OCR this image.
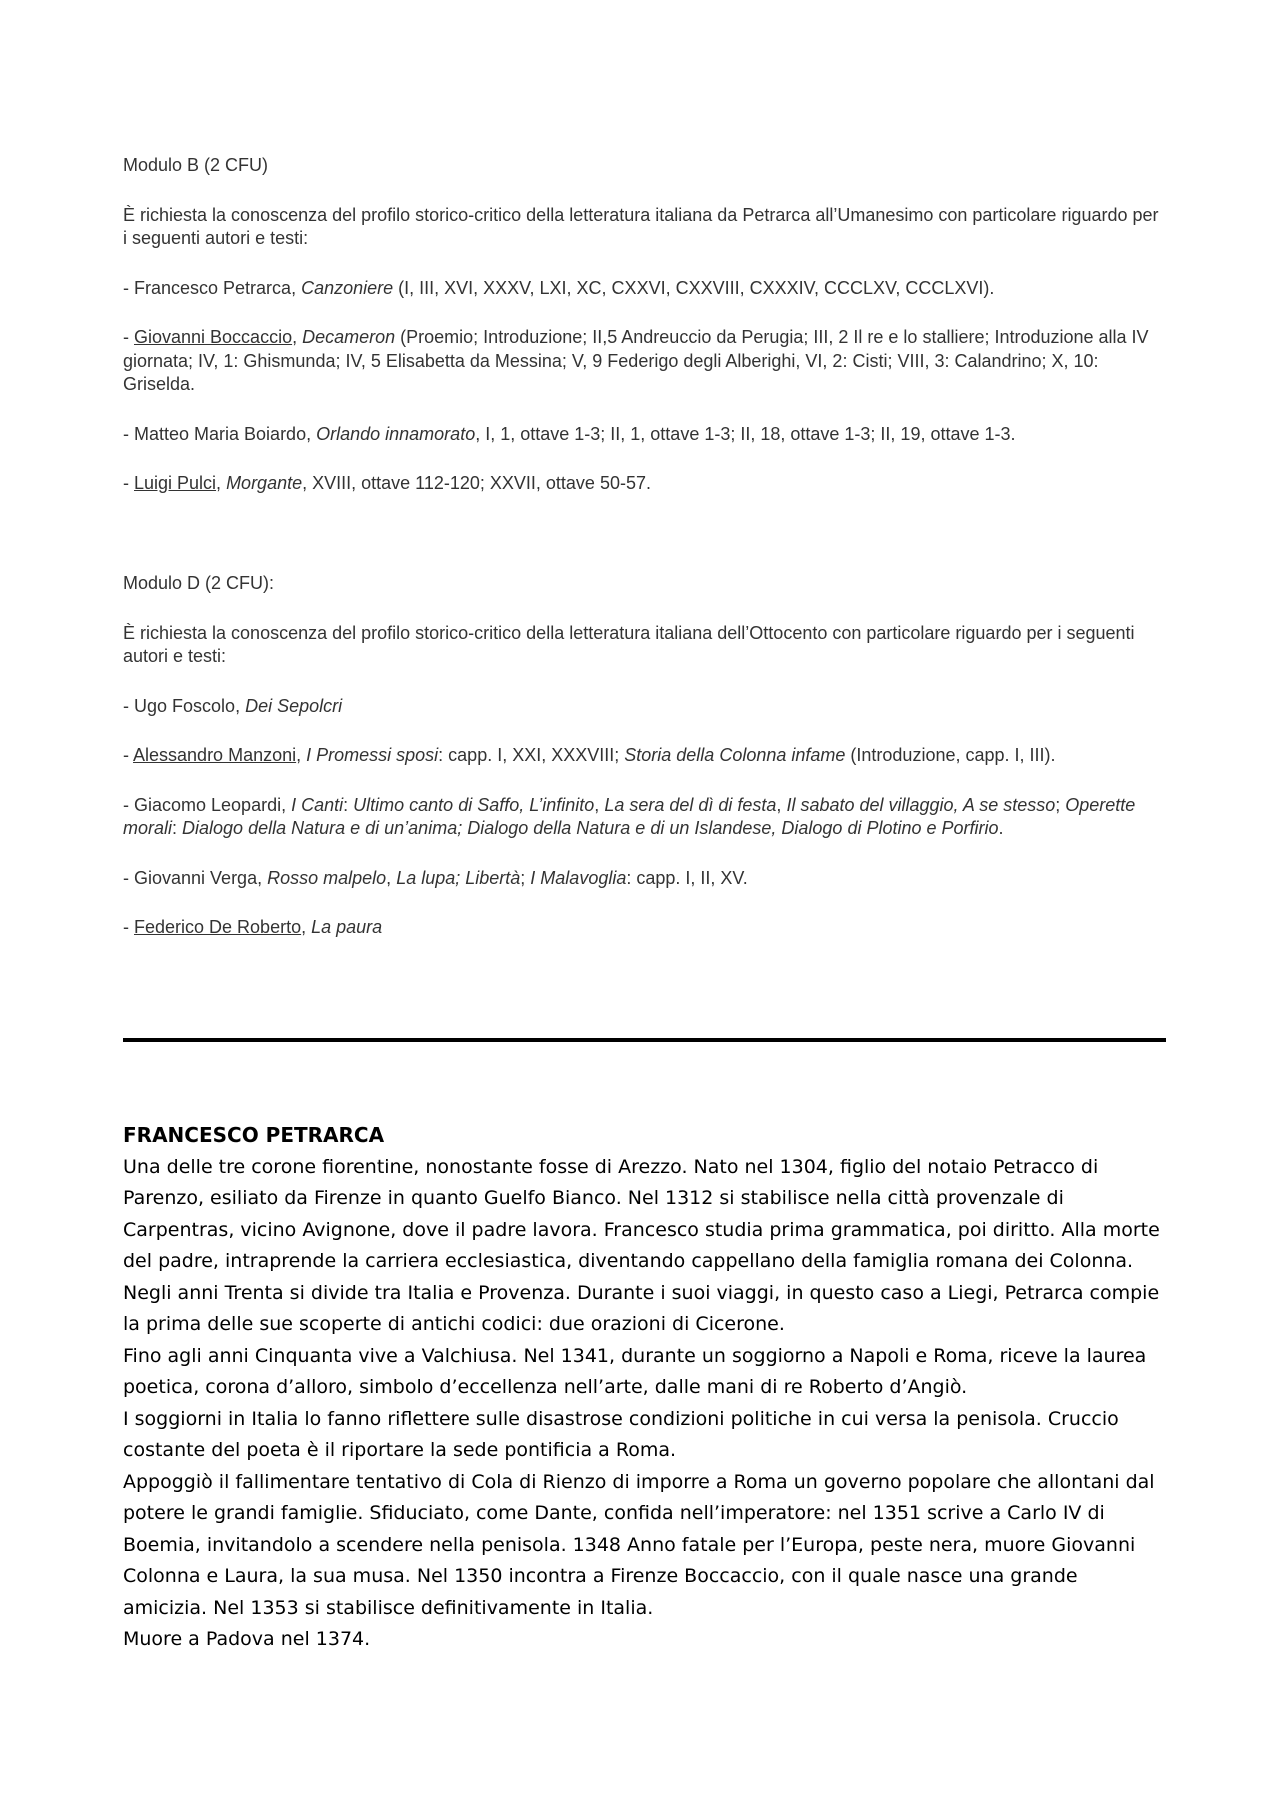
Modulo B (2 CFU)

È richiesta la conoscenza del profilo storico-critico della letteratura italiana da Petrarca all’Umanesimo con particolare riguardo per i seguenti autori e testi:

- Francesco Petrarca, Canzoniere (I, III, XVI, XXXV, LXI, XC, CXXVI, CXXVIII, CXXXIV, CCCLXV, CCCLXVI).

- Giovanni Boccaccio, Decameron (Proemio; Introduzione; II,5 Andreuccio da Perugia; III, 2 Il re e lo stalliere; Introduzione alla IV giornata; IV, 1: Ghismunda; IV, 5 Elisabetta da Messina; V, 9 Federigo degli Alberighi, VI, 2: Cisti; VIII, 3: Calandrino; X, 10: Griselda.

- Matteo Maria Boiardo, Orlando innamorato, I, 1, ottave 1-3; II, 1, ottave 1-3; II, 18, ottave 1-3; II, 19, ottave 1-3.

- Luigi Pulci, Morgante, XVIII, ottave 112-120; XXVII, ottave 50-57.

Modulo D (2 CFU):

È richiesta la conoscenza del profilo storico-critico della letteratura italiana dell’Ottocento con particolare riguardo per i seguenti autori e testi:

- Ugo Foscolo, Dei Sepolcri

- Alessandro Manzoni, I Promessi sposi: capp. I, XXI, XXXVIII; Storia della Colonna infame (Introduzione, capp. I, III).

- Giacomo Leopardi, I Canti: Ultimo canto di Saffo, L’infinito, La sera del dì di festa, Il sabato del villaggio, A se stesso; Operette morali: Dialogo della Natura e di un’anima; Dialogo della Natura e di un Islandese, Dialogo di Plotino e Porfirio.

- Giovanni Verga, Rosso malpelo, La lupa; Libertà; I Malavoglia: capp. I, II, XV.

- Federico De Roberto, La paura

FRANCESCO PETRARCA

Una delle tre corone fiorentine, nonostante fosse di Arezzo. Nato nel 1304, figlio del notaio Petracco di Parenzo, esiliato da Firenze in quanto Guelfo Bianco. Nel 1312 si stabilisce nella città provenzale di Carpentras, vicino Avignone, dove il padre lavora. Francesco studia prima grammatica, poi diritto. Alla morte del padre, intraprende la carriera ecclesiastica, diventando cappellano della famiglia romana dei Colonna. Negli anni Trenta si divide tra Italia e Provenza. Durante i suoi viaggi, in questo caso a Liegi, Petrarca compie la prima delle sue scoperte di antichi codici: due orazioni di Cicerone.

Fino agli anni Cinquanta vive a Valchiusa. Nel 1341, durante un soggiorno a Napoli e Roma, riceve la laurea poetica, corona d’alloro, simbolo d’eccellenza nell’arte, dalle mani di re Roberto d’Angiò.

I soggiorni in Italia lo fanno riflettere sulle disastrose condizioni politiche in cui versa la penisola. Cruccio costante del poeta è il riportare la sede pontificia a Roma.

Appoggiò il fallimentare tentativo di Cola di Rienzo di imporre a Roma un governo popolare che allontani dal potere le grandi famiglie. Sfiduciato, come Dante, confida nell’imperatore: nel 1351 scrive a Carlo IV di Boemia, invitandolo a scendere nella penisola. 1348 Anno fatale per l’Europa, peste nera, muore Giovanni Colonna e Laura, la sua musa. Nel 1350 incontra a Firenze Boccaccio, con il quale nasce una grande amicizia. Nel 1353 si stabilisce definitivamente in Italia.

Muore a Padova nel 1374.
